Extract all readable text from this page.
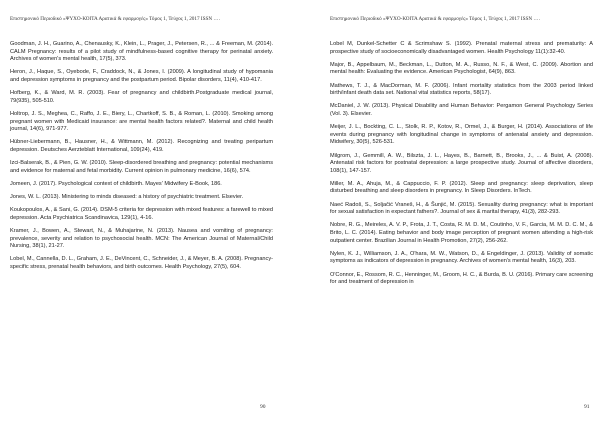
Επιστημονικό Περιοδικό «ΨΥΧΟ-ΚΟΙΤΑ Αρατικά & εφαρμογές» Τόμος 1, Τεύχος 1, 2017 ISSN ….

Goodman, J. H., Guarino, A., Chenausky, K., Klein, L., Prager, J., Petersen, R., ... & Freeman, M. (2014). CALM Pregnancy: results of a pilot study of mindfulness-based cognitive therapy for perinatal anxiety. Archives of women's mental health, 17(5), 373.

Heron, J., Haque, S., Oyebode, F., Craddock, N., & Jones, I. (2009). A longitudinal study of hypomania and depression symptoms in pregnancy and the postpartum period. Bipolar disorders, 11(4), 410-417.

Hofberg, K., & Ward, M. R. (2003). Fear of pregnancy and childbirth.Postgraduate medical journal, 79(935), 505-510.

Holtrop, J. S., Meghea, C., Raffo, J. E., Biery, L., Chartkoff, S. B., & Roman, L. (2010). Smoking among pregnant women with Medicaid insurance: are mental health factors related?. Maternal and child health journal, 14(6), 971-977.

Hübner-Liebermann, B., Hausner, H., & Wittmann, M. (2012). Recognizing and treating peripartum depression. Deutsches Aerzteblatt International, 109(24), 419.

Izci-Balserak, B., & Pien, G. W. (2010). Sleep-disordered breathing and pregnancy: potential mechanisms and evidence for maternal and fetal morbidity. Current opinion in pulmonary medicine, 16(6), 574.

Jomeen, J. (2017). Psychological context of childbirth. Mayes' Midwifery E-Book, 186.

Jones, W. L. (2013). Ministering to minds diseased: a history of psychiatric treatment. Elsevier.

Koukopoulos, A., & Sani, G. (2014). DSM‐5 criteria for depression with mixed features: a farewell to mixed depression. Acta Psychiatrica Scandinavica, 129(1), 4-16.

Kramer, J., Bowen, A., Stewart, N., & Muhajarine, N. (2013). Nausea and vomiting of pregnancy: prevalence, severity and relation to psychosocial health. MCN: The American Journal of Maternal/Child Nursing, 38(1), 21-27.

Lobel, M., Cannella, D. L., Graham, J. E., DeVincent, C., Schneider, J., & Meyer, B. A. (2008). Pregnancy-specific stress, prenatal health behaviors, and birth outcomes. Health Psychology, 27(5), 604.

90
Επιστημονικό Περιοδικό «ΨΥΧΟ-ΚΟΙΤΑ Αρατικά & εφαρμογές» Τόμος 1, Τεύχος 1, 2017 ISSN ….

Lobel M, Dunkel-Schetter C & Scrimshaw S. (1992). Prenatal maternal stress and prematurity: A prospective study of socioeconomically disadvantaged women. Health Psychology 11(1):32-40.

Major, B., Appelbaum, M., Beckman, L., Dutton, M. A., Russo, N. F., & West, C. (2009). Abortion and mental health: Evaluating the evidence. American Psychologist, 64(9), 863.

Mathews, T. J., & MacDorman, M. F. (2006). Infant mortality statistics from the 2003 period linked birth/infant death data set. National vital statistics reports, 58(17).

McDaniel, J. W. (2013). Physical Disability and Human Behavior: Pergamon General Psychology Series (Vol. 3). Elsevier.

Meijer, J. L., Bockting, C. L., Stolk, R. P., Kotov, R., Ormel, J., & Burger, H. (2014). Associations of life events during pregnancy with longitudinal change in symptoms of antenatal anxiety and depression. Midwifery, 30(5), 526-531.

Milgrom, J., Gemmill, A. W., Bilszta, J. L., Hayes, B., Barnett, B., Brooks, J., ... & Buist, A. (2008). Antenatal risk factors for postnatal depression: a large prospective study. Journal of affective disorders, 108(1), 147-157.

Miller, M. A., Ahuja, M., & Cappuccio, F. P. (2012). Sleep and pregnancy: sleep deprivation, sleep disturbed breathing and sleep disorders in pregnancy. In Sleep Disorders. InTech.

Naeć Radoš, S., Soljačić Vraneš, H., & Šunjić, M. (2015). Sexuality during pregnancy: what is important for sexual satisfaction in expectant fathers?. Journal of sex & marital therapy, 41(3), 282-293.

Nobre, R. G., Meireles, A. V. P., Frota, J. T., Costa, R. M. D. M., Coutinho, V. F., Garcia, M. M. D. C. M., & Brito, L. C. (2014). Eating behavior and body image perception of pregnant women attending a high-risk outpatient center. Brazilian Journal in Health Promotion, 27(2), 256-262.

Nylen, K. J., Williamson, J. A., O'hara, M. W., Watson, D., & Engeldinger, J. (2013). Validity of somatic symptoms as indicators of depression in pregnancy. Archives of women's mental health, 16(3), 203.

O'Connor, E., Rossom, R. C., Henninger, M., Groom, H. C., & Burda, B. U. (2016). Primary care screening for and treatment of depression in

91
